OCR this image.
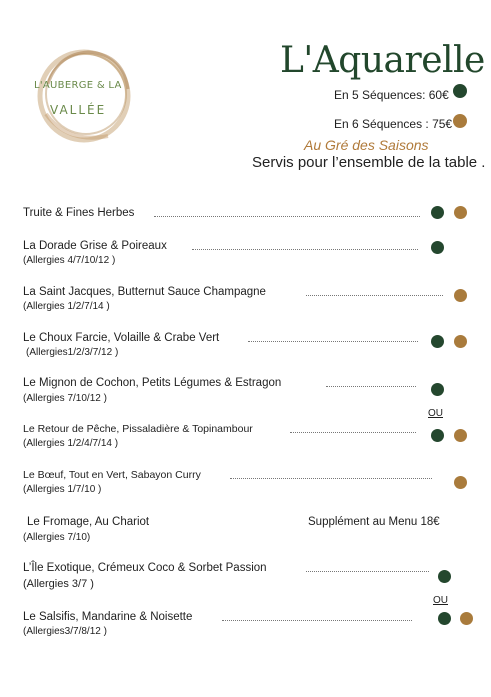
L'AUBERGE & LA
VALLÉE
L'Aquarelle
En 5 Séquences: 60€
En 6 Séquences : 75€
Au Gré des Saisons
Servis pour l’ensemble de la table .
Truite & Fines Herbes
La Dorade Grise & Poireaux
(Allergies 4/7/10/12 )
La Saint Jacques, Butternut Sauce Champagne
(Allergies 1/2/7/14 )
Le Choux Farcie, Volaille & Crabe Vert
(Allergies1/2/3/7/12 )
Le Mignon de Cochon, Petits Légumes & Estragon
(Allergies 7/10/12 )
OU
Le Retour de Pêche, Pissaladière & Topinambour
(Allergies 1/2/4/7/14 )
Le Bœuf, Tout en Vert, Sabayon Curry
(Allergies 1/7/10 )
Le Fromage, Au Chariot	Supplément au Menu 18€
(Allergies 7/10)
L’Île Exotique, Crémeux Coco & Sorbet Passion
(Allergies 3/7 )
OU
Le Salsifis, Mandarine & Noisette
(Allergies3/7/8/12 )
